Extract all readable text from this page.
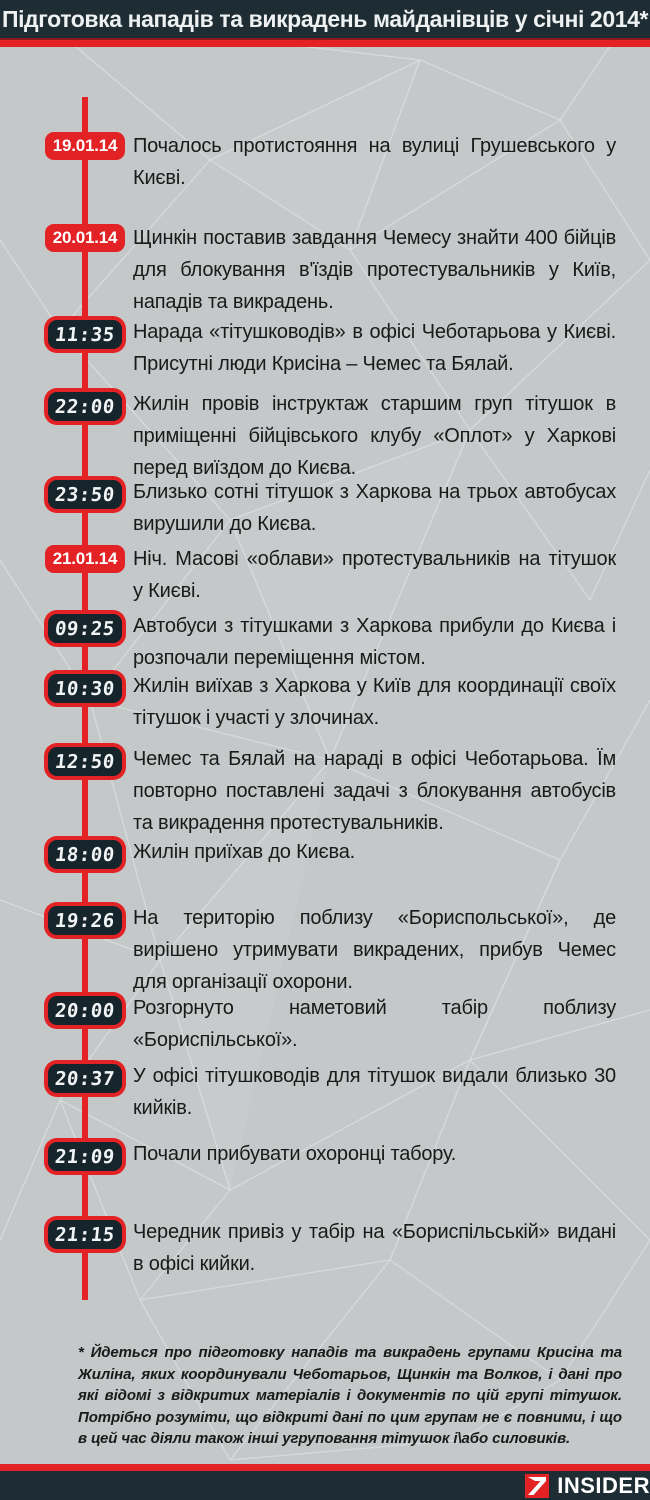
Підготовка нападів та викрадень майданівців у січні 2014*
19.01.14 Почалось протистояння на вулиці Грушевського у Києві.
20.01.14 Щинкін поставив завдання Чемесу знайти 400 бійців для блокування в'їздів протестувальників у Київ, нападів та викрадень.
11:35 Нарада «тітушководів» в офісі Чеботарьова у Києві. Присутні люди Крисіна – Чемес та Бялай.
22:00 Жилін провів інструктаж старшим груп тітушок в приміщенні бійцівського клубу «Оплот» у Харкові перед виїздом до Києва.
23:50 Близько сотні тітушок з Харкова на трьох автобусах вирушили до Києва.
21.01.14 Ніч. Масові «облави» протестувальників на тітушок у Києві.
09:25 Автобуси з тітушками з Харкова прибули до Києва і розпочали переміщення містом.
10:30 Жилін виїхав з Харкова у Київ для координації своїх тітушок і участі у злочинах.
12:50 Чемес та Бялай на нараді в офісі Чеботарьова. Їм повторно поставлені задачі з блокування автобусів та викрадення протестувальників.
18:00 Жилін приїхав до Києва.
19:26 На територію поблизу «Бориспольської», де вирішено утримувати викрадених, прибув Чемес для організації охорони.
20:00 Розгорнуто наметовий табір поблизу «Бориспільської».
20:37 У офісі тітушководів для тітушок видали близько 30 кийків.
21:09 Почали прибувати охоронці табору.
21:15 Чередник привіз у табір на «Бориспільській» видані в офісі кийки.
* Йдеться про підготовку нападів та викрадень групами Крисіна та Жиліна, яких координували Чеботарьов, Щинкін та Волков, і дані про які відомі з відкритих матеріалів і документів по цій групі тітушок. Потрібно розуміти, що відкриті дані по цим групам не є повними, і що в цей час діяли також інші угруповання тітушок і\або силовиків.
INSIDER
